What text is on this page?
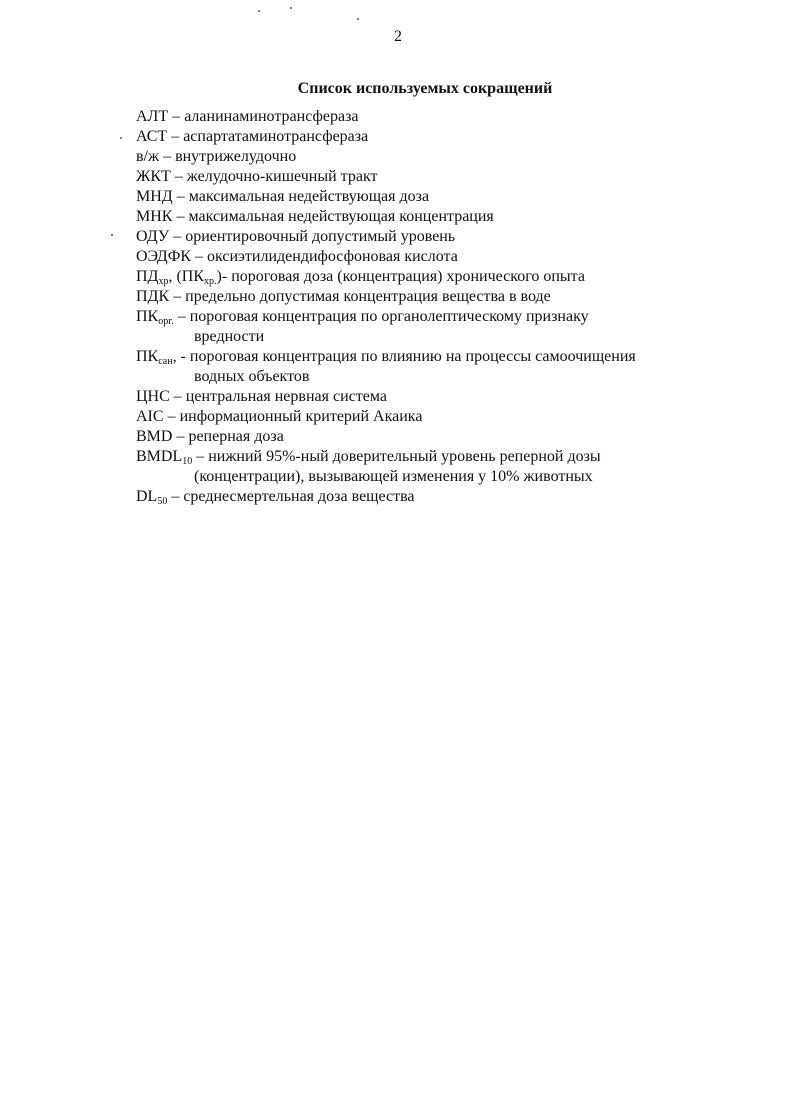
2
Список используемых сокращений
АЛТ – аланинаминотрансфераза
АСТ – аспартатаминотрансфераза
в/ж – внутрижелудочно
ЖКТ – желудочно-кишечный тракт
МНД – максимальная недействующая доза
МНК – максимальная недействующая концентрация
ОДУ – ориентировочный допустимый уровень
ОЭДФК – оксиэтилидендифосфоновая кислота
$ПД_{хр}$, $(ПК_{хр.})-$ пороговая доза (концентрация) хронического опыта
ПДК – предельно допустимая концентрация вещества в воде
$ПК_{орг.}$ – пороговая концентрация по органолептическому признаку
вредности
$ПК_{сан}$, - пороговая концентрация по влиянию на процессы самоочищения
водных объектов
ЦНС – центральная нервная система
AIC – информационный критерий Акаика
BMD – реперная доза
$BMDL_{10}$ – нижний 95%-ный доверительный уровень реперной дозы
(концентрации), вызывающей изменения у 10% животных
$DL_{50}$ – среднесмертельная доза вещества
